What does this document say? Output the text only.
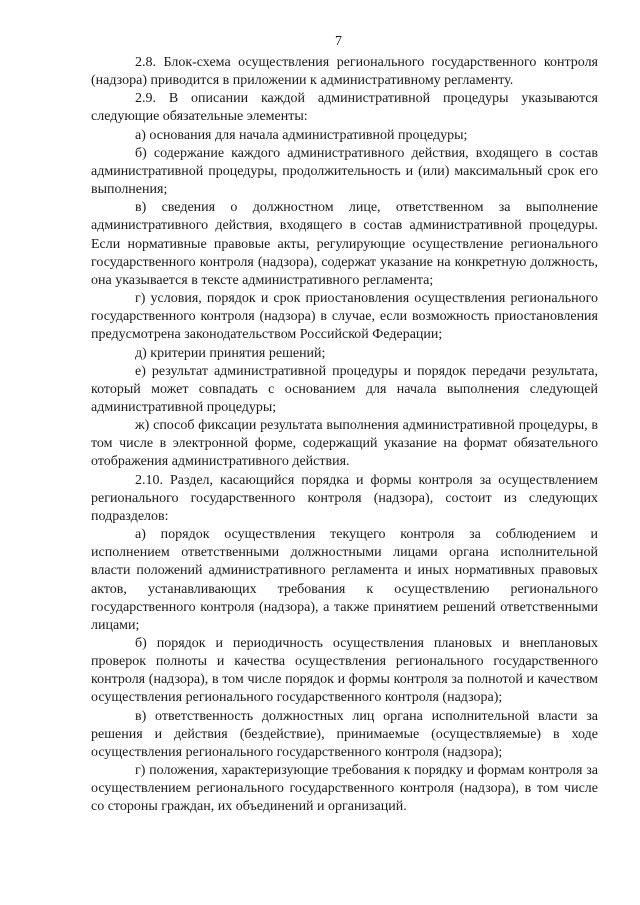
7

2.8. Блок-схема осуществления регионального государственного контроля (надзора) приводится в приложении к административному регламенту.

2.9. В описании каждой административной процедуры указываются следующие обязательные элементы:

а) основания для начала административной процедуры;

б) содержание каждого административного действия, входящего в состав административной процедуры, продолжительность и (или) максимальный срок его выполнения;

в) сведения о должностном лице, ответственном за выполнение административного действия, входящего в состав административной процедуры. Если нормативные правовые акты, регулирующие осуществление регионального государственного контроля (надзора), содержат указание на конкретную должность, она указывается в тексте административного регламента;

г) условия, порядок и срок приостановления осуществления регионального государственного контроля (надзора) в случае, если возможность приостановления предусмотрена законодательством Российской Федерации;

д) критерии принятия решений;

е) результат административной процедуры и порядок передачи результата, который может совпадать с основанием для начала выполнения следующей административной процедуры;

ж) способ фиксации результата выполнения административной процедуры, в том числе в электронной форме, содержащий указание на формат обязательного отображения административного действия.

2.10. Раздел, касающийся порядка и формы контроля за осуществлением регионального государственного контроля (надзора), состоит из следующих подразделов:

а) порядок осуществления текущего контроля за соблюдением и исполнением ответственными должностными лицами органа исполнительной власти положений административного регламента и иных нормативных правовых актов, устанавливающих требования к осуществлению регионального государственного контроля (надзора), а также принятием решений ответственными лицами;

б) порядок и периодичность осуществления плановых и внеплановых проверок полноты и качества осуществления регионального государственного контроля (надзора), в том числе порядок и формы контроля за полнотой и качеством осуществления регионального государственного контроля (надзора);

в) ответственность должностных лиц органа исполнительной власти за решения и действия (бездействие), принимаемые (осуществляемые) в ходе осуществления регионального государственного контроля (надзора);

г) положения, характеризующие требования к порядку и формам контроля за осуществлением регионального государственного контроля (надзора), в том числе со стороны граждан, их объединений и организаций.
